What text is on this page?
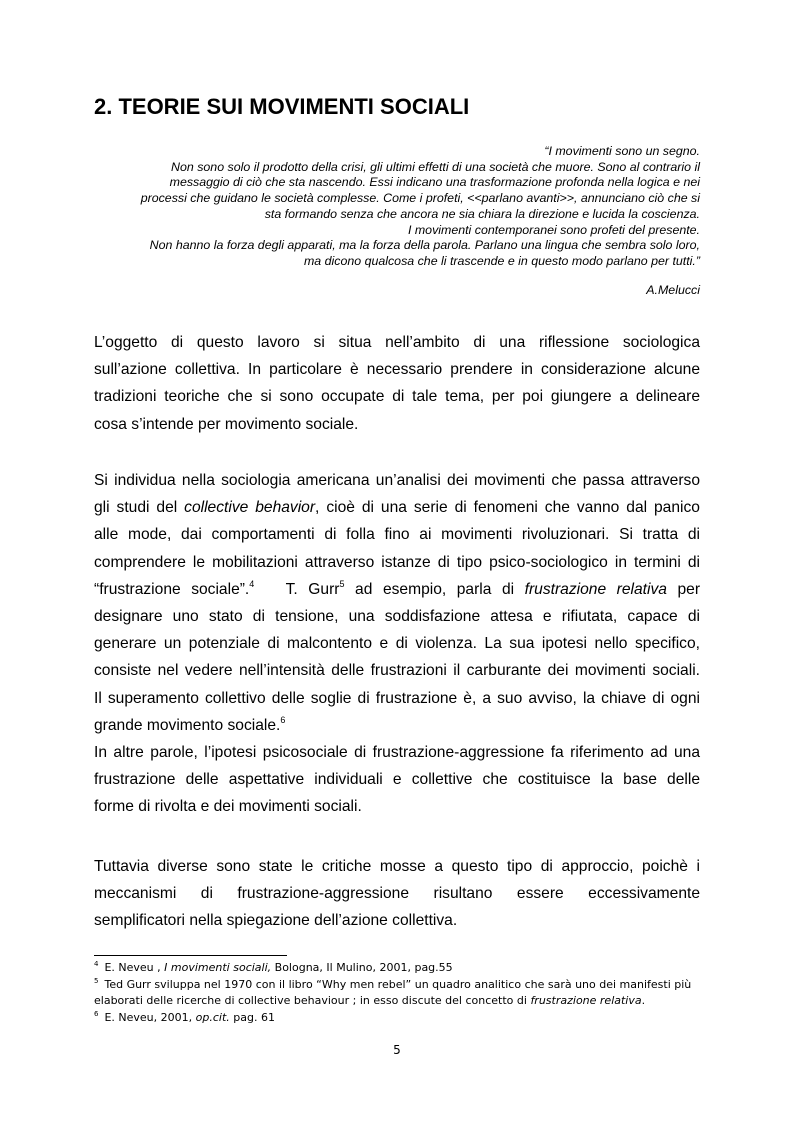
2. TEORIE SUI MOVIMENTI SOCIALI
“I movimenti sono un segno.
Non sono solo il prodotto della crisi, gli ultimi effetti di una società che muore. Sono al contrario il
messaggio di ciò che sta nascendo. Essi indicano una trasformazione profonda nella logica e nei
processi che guidano le società complesse. Come i profeti, <<parlano avanti>>, annunciano ciò che si
sta formando senza che ancora ne sia chiara la direzione e lucida la coscienza.
I movimenti contemporanei sono profeti del presente.
Non hanno la forza degli apparati, ma la forza della parola. Parlano una lingua che sembra solo loro,
ma dicono qualcosa che li trascende e in questo modo parlano per tutti.”
A.Melucci
L’oggetto di questo lavoro si situa nell’ambito di una riflessione sociologica
sull’azione collettiva. In particolare è necessario prendere in considerazione alcune
tradizioni teoriche che si sono occupate di tale tema, per poi giungere a delineare
cosa s’intende per movimento sociale.
Si individua nella sociologia americana un’analisi dei movimenti che passa attraverso
gli studi del collective behavior, cioè di una serie di fenomeni che vanno dal panico
alle mode, dai comportamenti di folla fino ai movimenti rivoluzionari. Si tratta di
comprendere le mobilitazioni attraverso istanze di tipo psico-sociologico in termini di
“frustrazione sociale”.$^4$   T. Gurr$^5$ ad esempio, parla di frustrazione relativa per
designare uno stato di tensione, una soddisfazione attesa e rifiutata, capace di
generare un potenziale di malcontento e di violenza. La sua ipotesi nello specifico,
consiste nel vedere nell’intensità delle frustrazioni il carburante dei movimenti sociali.
Il superamento collettivo delle soglie di frustrazione è, a suo avviso, la chiave di ogni
grande movimento sociale.$^6$
In altre parole, l’ipotesi psicosociale di frustrazione-aggressione fa riferimento ad una
frustrazione delle aspettative individuali e collettive che costituisce la base delle
forme di rivolta e dei movimenti sociali.
Tuttavia diverse sono state le critiche mosse a questo tipo di approccio, poichè i
meccanismi di frustrazione-aggressione risultano essere eccessivamente
semplificatori nella spiegazione dell’azione collettiva.
$^4$ E. Neveu , I movimenti sociali, Bologna, Il Mulino, 2001, pag.55
$^5$ Ted Gurr sviluppa nel 1970 con il libro “Why men rebel” un quadro analitico che sarà uno dei manifesti più
elaborati delle ricerche di collective behaviour ; in esso discute del concetto di frustrazione relativa.
$^6$ E. Neveu, 2001, op.cit. pag. 61
5
